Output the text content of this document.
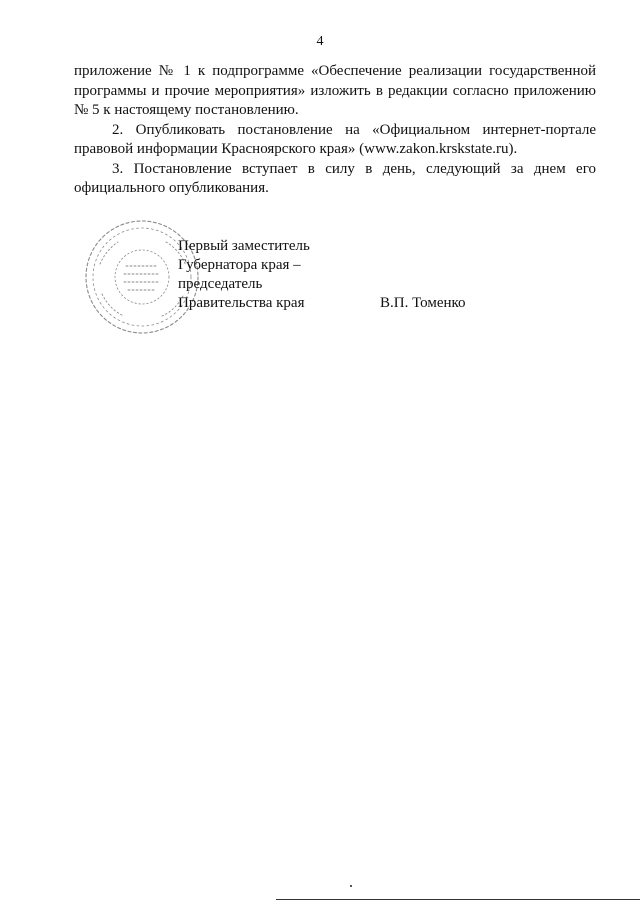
4

приложение № 1 к подпрограмме «Обеспечение реализации государственной программы и прочие мероприятия» изложить в редакции согласно приложению № 5 к настоящему постановлению.

2. Опубликовать постановление на «Официальном интернет-портале правовой информации Красноярского края» (www.zakon.krskstate.ru).

3. Постановление вступает в силу в день, следующий за днем его официального опубликования.

Первый заместитель
Губернатора края –
председатель
Правительства края	В.П. Томенко
